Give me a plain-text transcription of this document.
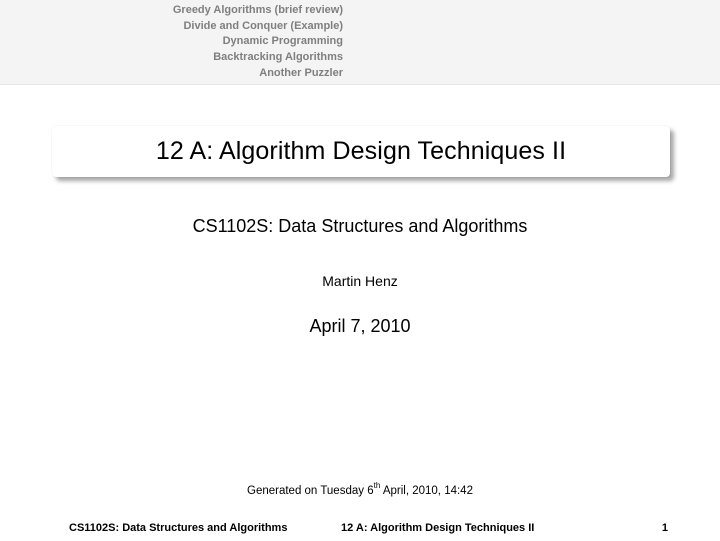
Greedy Algorithms (brief review)
Divide and Conquer (Example)
Dynamic Programming
Backtracking Algorithms
Another Puzzler
12 A: Algorithm Design Techniques II
CS1102S: Data Structures and Algorithms
Martin Henz
April 7, 2010
Generated on Tuesday 6th April, 2010, 14:42
CS1102S: Data Structures and Algorithms	12 A: Algorithm Design Techniques II	1
